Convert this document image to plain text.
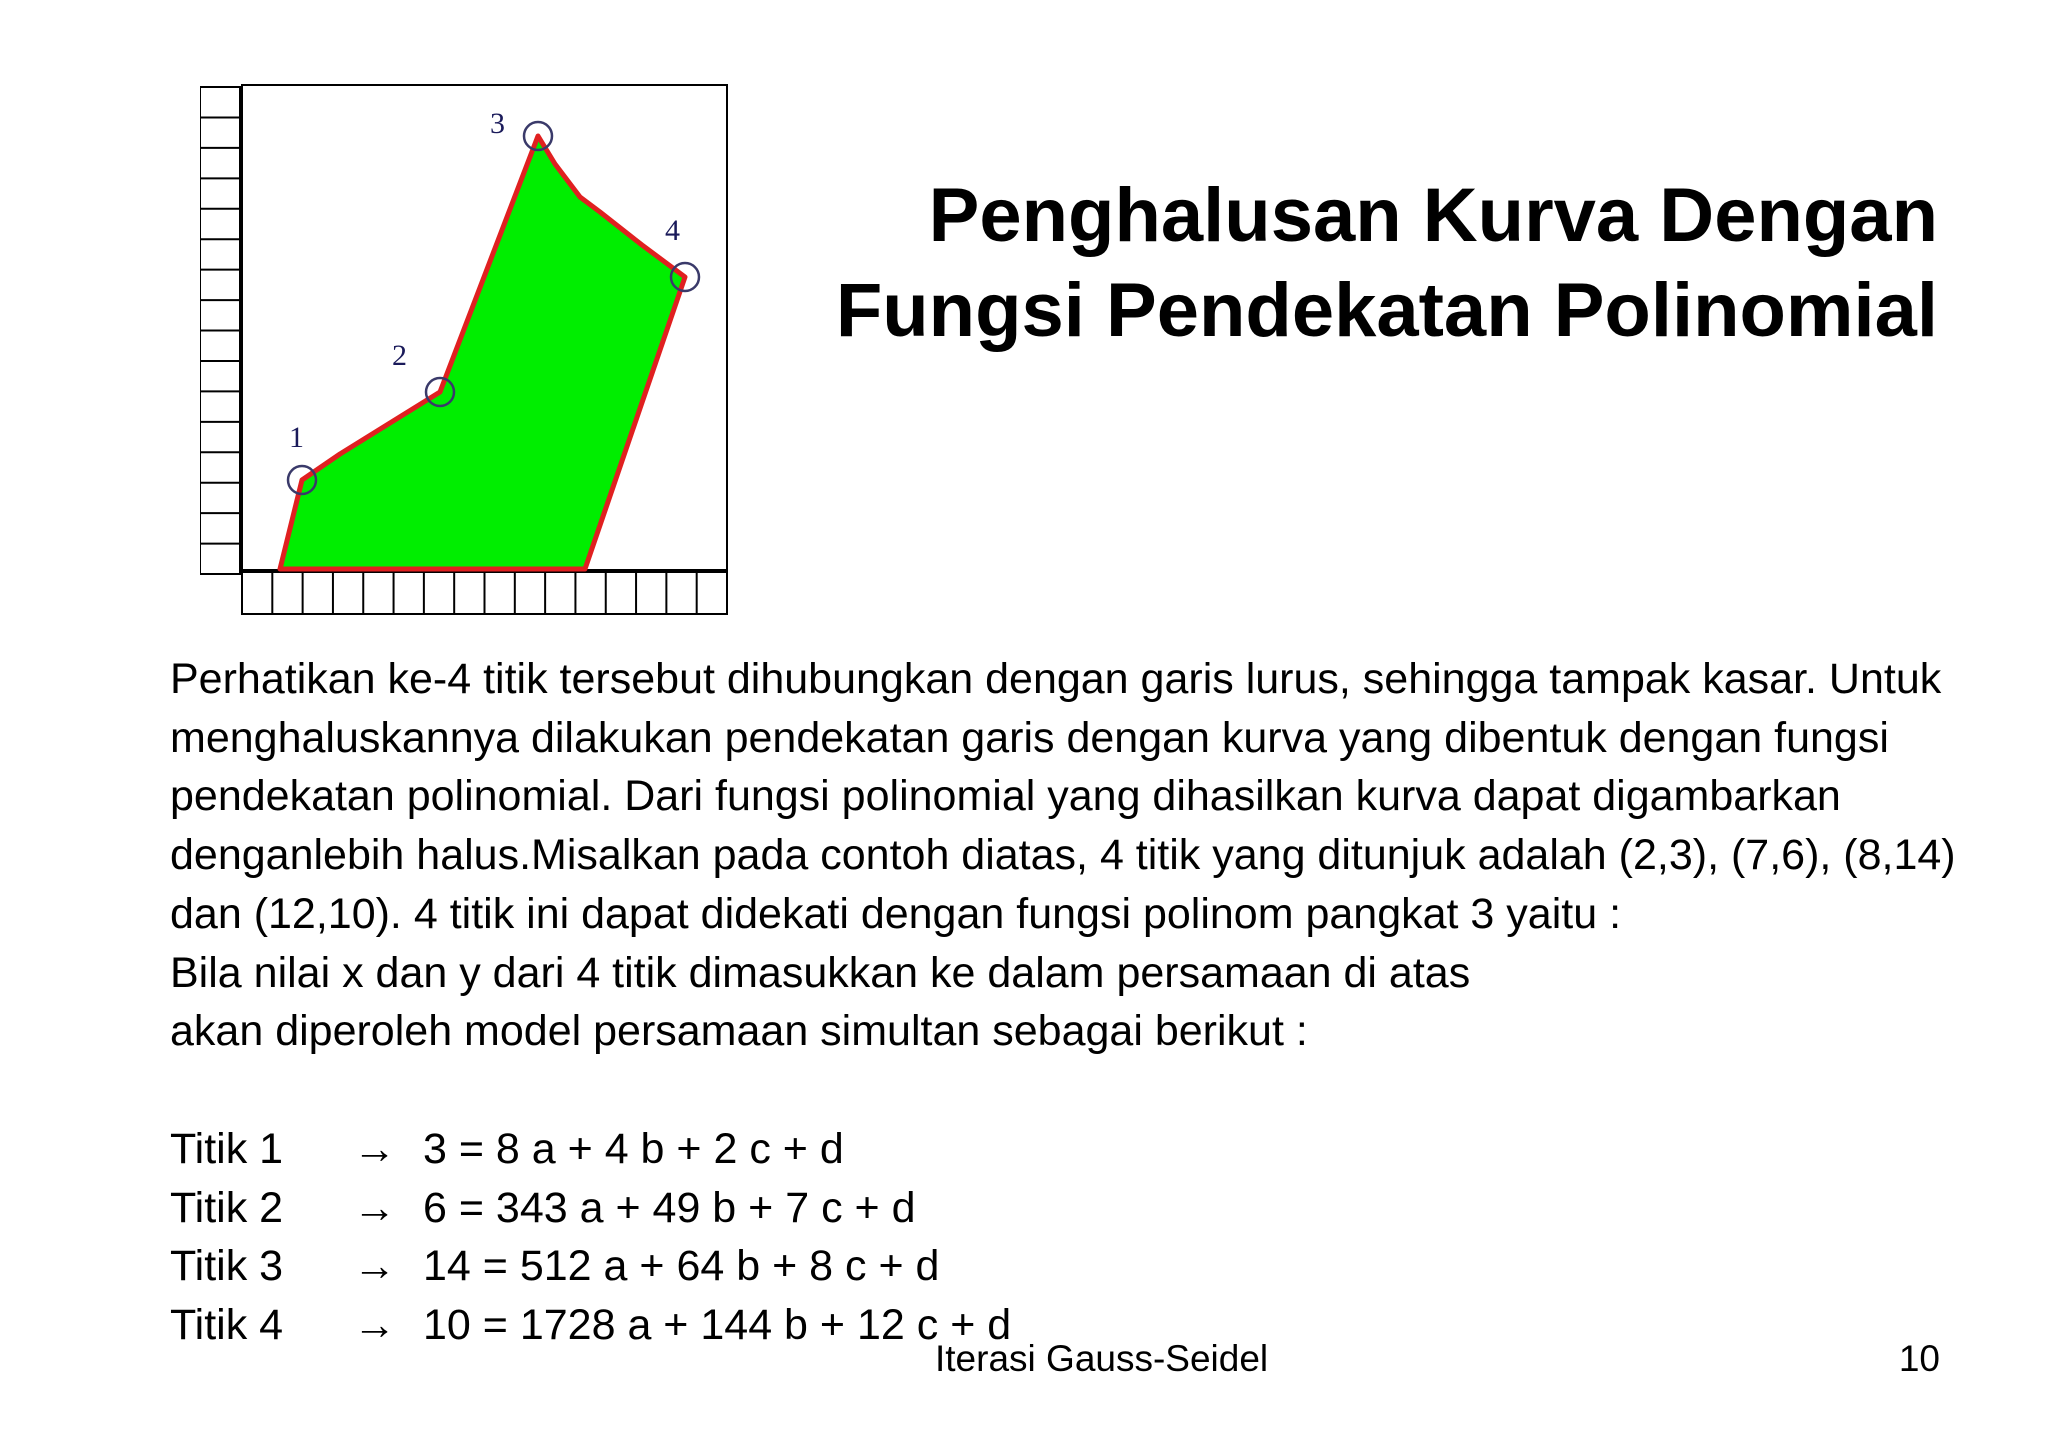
1
2
3
4	Penghalusan Kurva Dengan
Fungsi Pendekatan Polinomial
Perhatikan ke-4 titik tersebut dihubungkan dengan garis lurus, sehingga tampak kasar. Untuk menghaluskannya dilakukan pendekatan garis dengan kurva yang dibentuk dengan fungsi pendekatan polinomial. Dari fungsi polinomial yang dihasilkan kurva dapat digambarkan denganlebih halus.Misalkan pada contoh diatas, 4 titik yang ditunjuk adalah (2,3), (7,6), (8,14) dan (12,10). 4 titik ini dapat didekati dengan fungsi polinom pangkat 3 yaitu :
Bila nilai x dan y dari 4 titik dimasukkan ke dalam persamaan di atas
akan diperoleh model persamaan simultan sebagai berikut :
Titik 1	→ 3 = 8 a + 4 b + 2 c + d
Titik 2	→ 6 = 343 a + 49 b + 7 c + d
Titik 3	→ 14 = 512 a + 64 b + 8 c + d
Titik 4	→ 10 = 1728 a + 144 b + 12 c + d
Iterasi Gauss-Seidel	10
